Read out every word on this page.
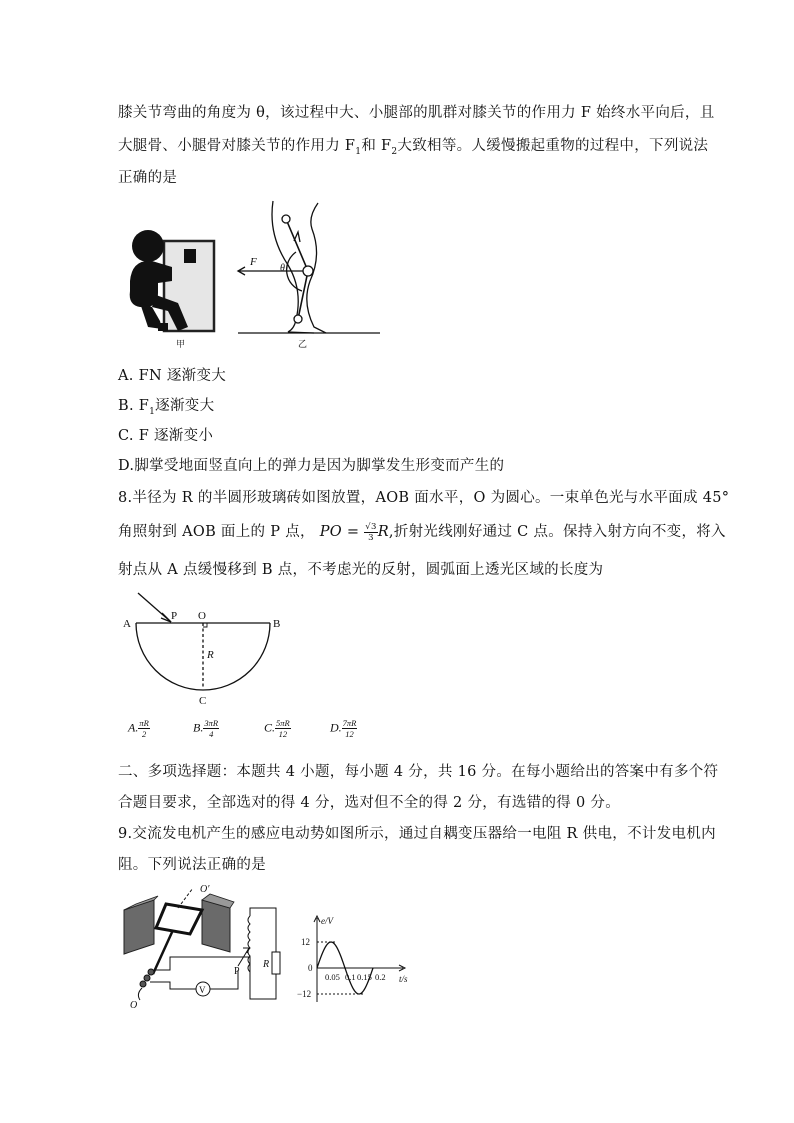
膝关节弯曲的角度为 θ，该过程中大、小腿部的肌群对膝关节的作用力 F 始终水平向后，且
大腿骨、小腿骨对膝关节的作用力 $F_1$和 $F_2$大致相等。人缓慢搬起重物的过程中，下列说法
正确的是
甲
F
θ
乙
A. FN 逐渐变大
B. $F_1$逐渐变大
C. F 逐渐变小
D.脚掌受地面竖直向上的弹力是因为脚掌发生形变而产生的
8.半径为 R 的半圆形玻璃砖如图放置，AOB 面水平，O 为圆心。一束单色光与水平面成 45°
角照射到 AOB 面上的 P 点， PO = $\frac{√3}{3} R$,折射光线刚好通过 C 点。保持入射方向不变，将入
射点从 A 点缓慢移到 B 点，不考虑光的反射，圆弧面上透光区域的长度为
A
P O
B
R
C
A. $\frac{\pi R}{2}$	B. $\frac{3\pi R}{4}$	C. $\frac{5\pi R}{12}$	D. $\frac{7\pi R}{12}$
二、多项选择题：本题共 4 小题，每小题 4 分，共 16 分。在每小题给出的答案中有多个符
合题目要求，全部选对的得 4 分，选对但不全的得 2 分，有选错的得 0 分。
9.交流发电机产生的感应电动势如图所示，通过自耦变压器给一电阻 R 供电，不计发电机内
阻。下列说法正确的是
O′
O
P
R
V
e/V
t/s
12
−12
0
0.05 0.1 0.15 0.2
